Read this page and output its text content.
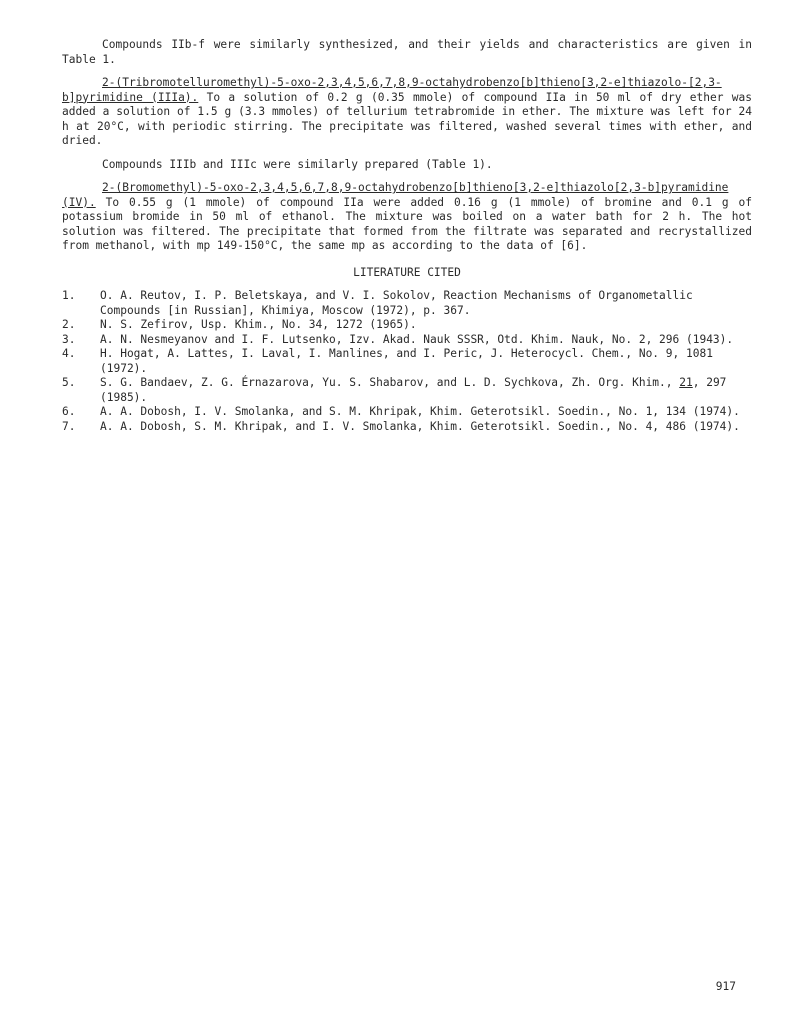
Compounds IIb-f were similarly synthesized, and their yields and characteristics are given in Table 1.

2-(Tribromotelluromethyl)-5-oxo-2,3,4,5,6,7,8,9-octahydrobenzo[b]thieno[3,2-e]thiazolo-[2,3-b]pyrimidine (IIIa). To a solution of 0.2 g (0.35 mmole) of compound IIa in 50 ml of dry ether was added a solution of 1.5 g (3.3 mmoles) of tellurium tetrabromide in ether. The mixture was left for 24 h at 20°C, with periodic stirring. The precipitate was filtered, washed several times with ether, and dried.

Compounds IIIb and IIIc were similarly prepared (Table 1).

2-(Bromomethyl)-5-oxo-2,3,4,5,6,7,8,9-octahydrobenzo[b]thieno[3,2-e]thiazolo[2,3-b]pyramidine (IV). To 0.55 g (1 mmole) of compound IIa were added 0.16 g (1 mmole) of bromine and 0.1 g of potassium bromide in 50 ml of ethanol. The mixture was boiled on a water bath for 2 h. The hot solution was filtered. The precipitate that formed from the filtrate was separated and recrystallized from methanol, with mp 149-150°C, the same mp as according to the data of [6].

LITERATURE CITED
1.	O. A. Reutov, I. P. Beletskaya, and V. I. Sokolov, Reaction Mechanisms of Organometallic Compounds [in Russian], Khimiya, Moscow (1972), p. 367.
2.	N. S. Zefirov, Usp. Khim., No. 34, 1272 (1965).
3.	A. N. Nesmeyanov and I. F. Lutsenko, Izv. Akad. Nauk SSSR, Otd. Khim. Nauk, No. 2, 296 (1943).
4.	H. Hogat, A. Lattes, I. Laval, I. Manlines, and I. Peric, J. Heterocycl. Chem., No. 9, 1081 (1972).
5.	S. G. Bandaev, Z. G. Érnazarova, Yu. S. Shabarov, and L. D. Sychkova, Zh. Org. Khim., 21, 297 (1985).
6.	A. A. Dobosh, I. V. Smolanka, and S. M. Khripak, Khim. Geterotsikl. Soedin., No. 1, 134 (1974).
7.	A. A. Dobosh, S. M. Khripak, and I. V. Smolanka, Khim. Geterotsikl. Soedin., No. 4, 486 (1974).
917
